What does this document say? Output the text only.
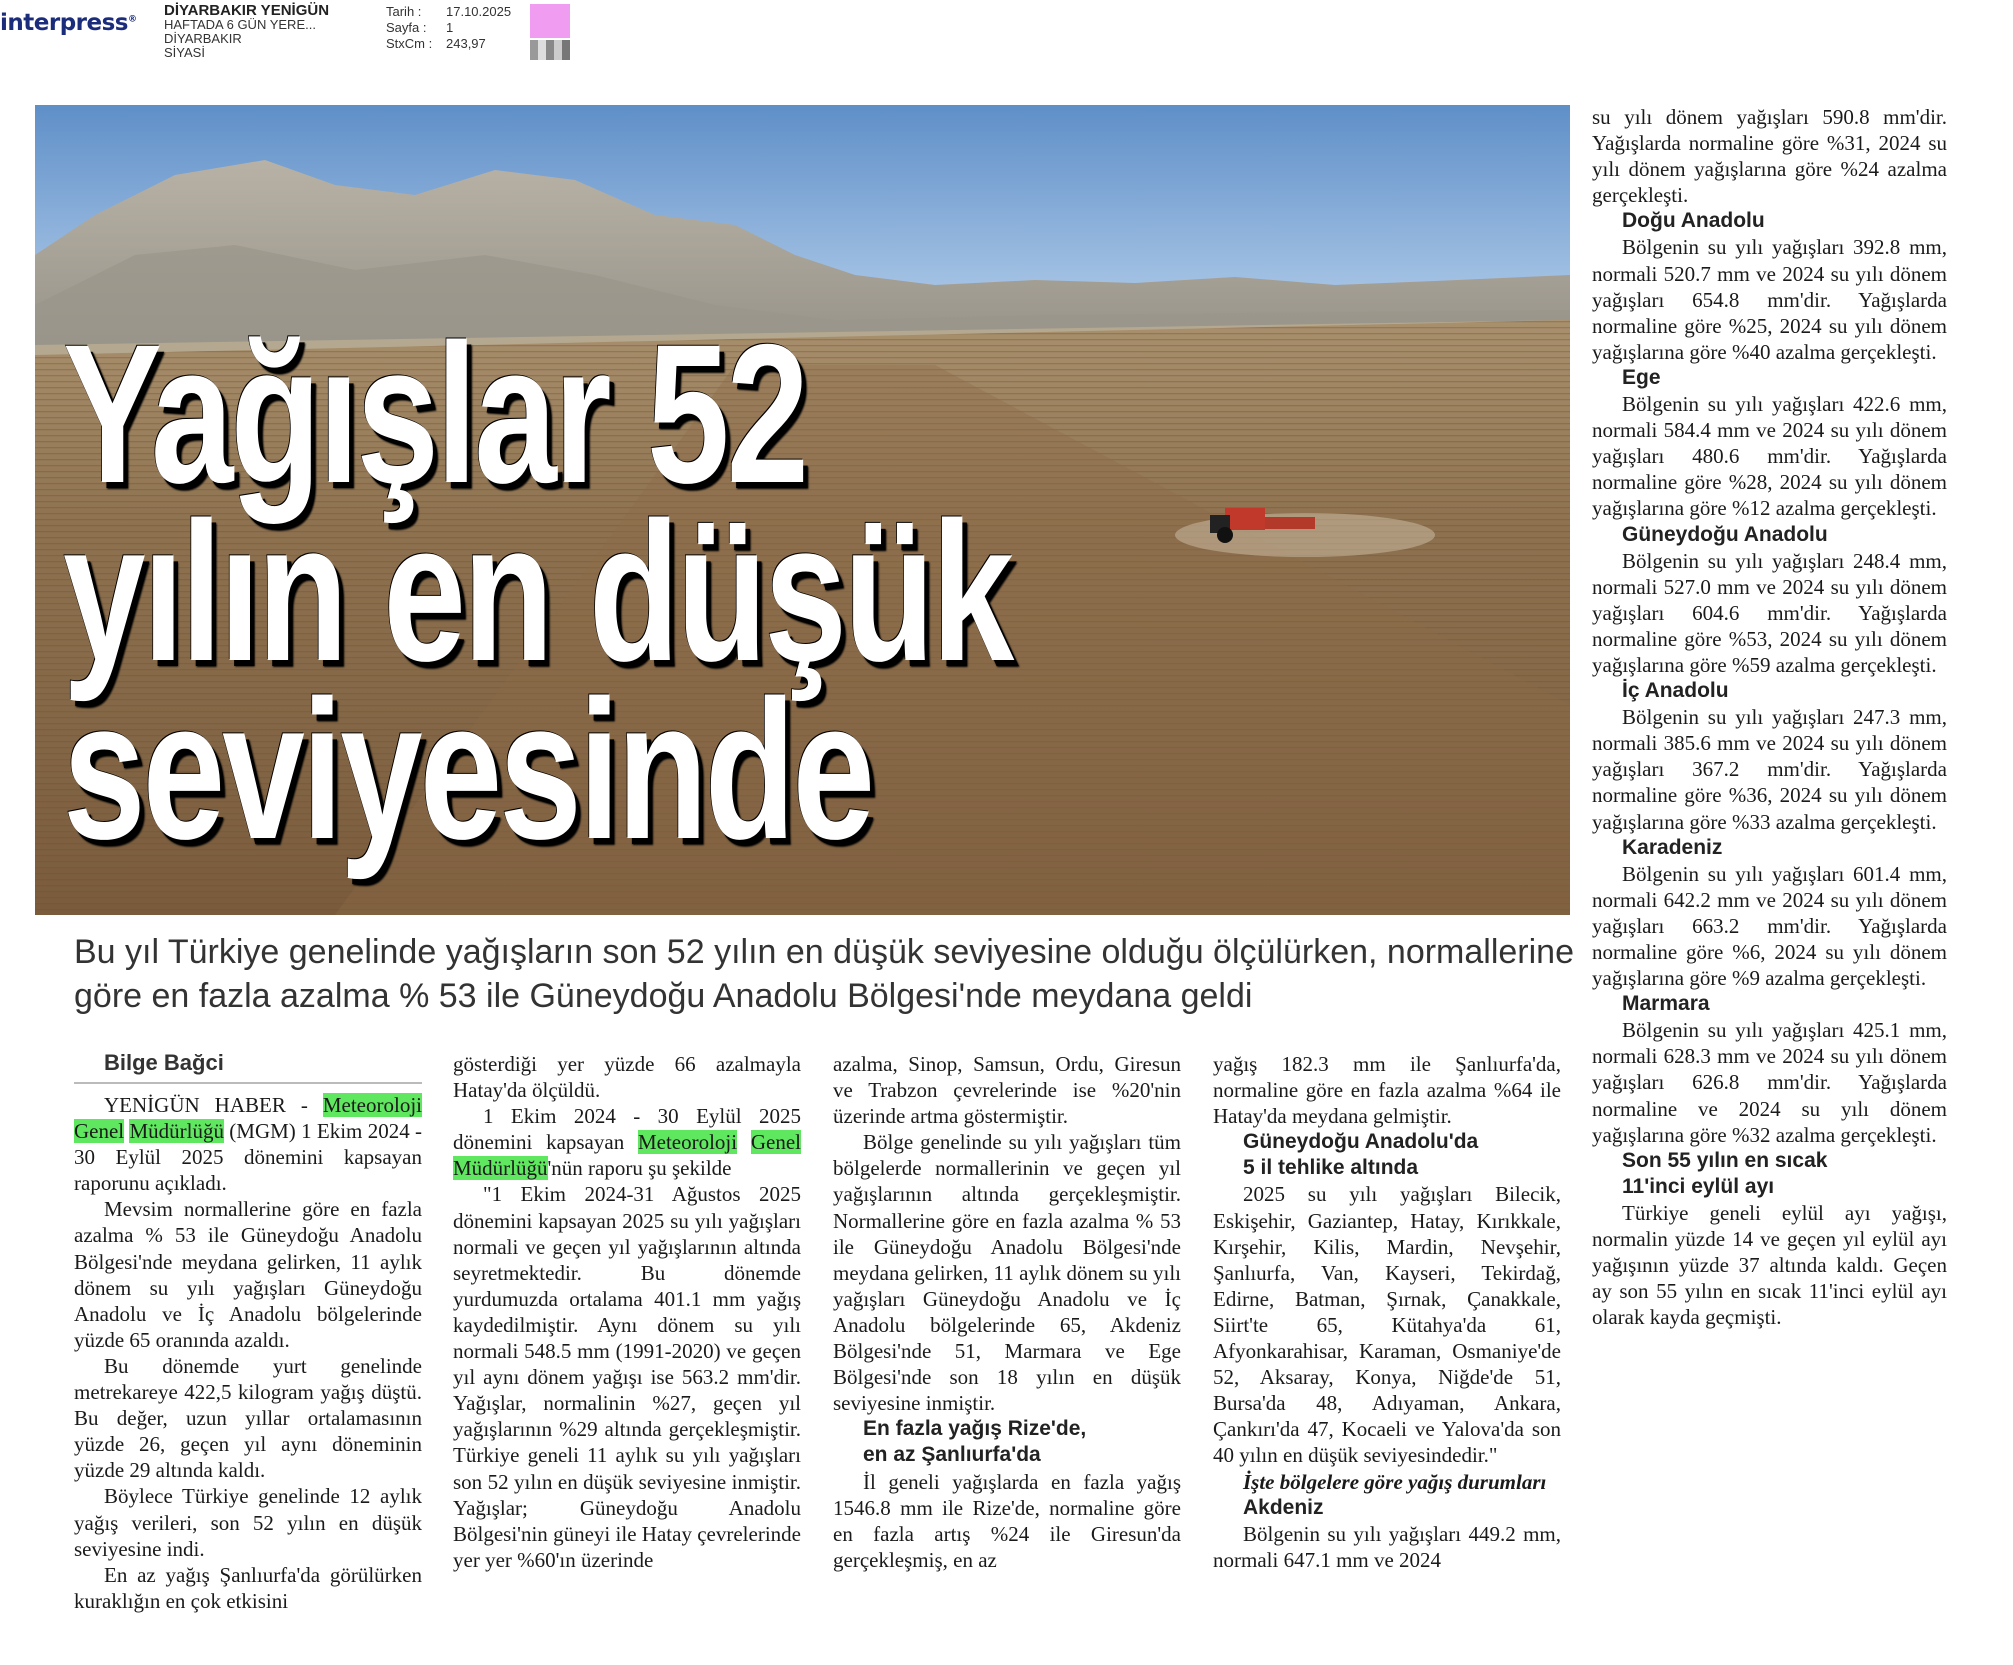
interpress®
DİYARBAKIR YENİGÜN
HAFTADA 6 GÜN YERE...
DİYARBAKIR
SİYASİ
Tarih : 17.10.2025
Sayfa : 1
StxCm : 243,97
Yağışlar 52
yılın en düşük
seviyesinde
Bu yıl Türkiye genelinde yağışların son 52 yılın en düşük seviyesine olduğu ölçülürken, normallerine göre en fazla azalma % 53 ile Güneydoğu Anadolu Bölgesi'nde meydana geldi
Bilge Bağci

YENİGÜN HABER - Meteoroloji Genel Müdürlüğü (MGM) 1 Ekim 2024 - 30 Eylül 2025 dönemini kapsayan raporunu açıkladı.

Mevsim normallerine göre en fazla azalma % 53 ile Güneydoğu Anadolu Bölgesi'nde meydana gelirken, 11 aylık dönem su yılı yağışları Güneydoğu Anadolu ve İç Anadolu bölgelerinde yüzde 65 oranında azaldı.

Bu dönemde yurt genelinde metrekareye 422,5 kilogram yağış düştü. Bu değer, uzun yıllar ortalamasının yüzde 26, geçen yıl aynı döneminin yüzde 29 altında kaldı.

Böylece Türkiye genelinde 12 aylık yağış verileri, son 52 yılın en düşük seviyesine indi.

En az yağış Şanlıurfa'da görülürken kuraklığın en çok etkisini

gösterdiği yer yüzde 66 azalmayla Hatay'da ölçüldü.

1 Ekim 2024 - 30 Eylül 2025 dönemini kapsayan Meteoroloji Genel Müdürlüğü'nün raporu şu şekilde

"1 Ekim 2024-31 Ağustos 2025 dönemini kapsayan 2025 su yılı yağışları normali ve geçen yıl yağışlarının altında seyretmektedir. Bu dönemde yurdumuzda ortalama 401.1 mm yağış kaydedilmiştir. Aynı dönem su yılı normali 548.5 mm (1991-2020) ve geçen yıl aynı dönem yağışı ise 563.2 mm'dir. Yağışlar, normalinin %27, geçen yıl yağışlarının %29 altında gerçekleşmiştir. Türkiye geneli 11 aylık su yılı yağışları son 52 yılın en düşük seviyesine inmiştir. Yağışlar; Güneydoğu Anadolu Bölgesi'nin güneyi ile Hatay çevrelerinde yer yer %60'ın üzerinde

azalma, Sinop, Samsun, Ordu, Giresun ve Trabzon çevrelerinde ise %20'nin üzerinde artma göstermiştir.

Bölge genelinde su yılı yağışları tüm bölgelerde normallerinin ve geçen yıl yağışlarının altında gerçekleşmiştir. Normallerine göre en fazla azalma % 53 ile Güneydoğu Anadolu Bölgesi'nde meydana gelirken, 11 aylık dönem su yılı yağışları Güneydoğu Anadolu ve İç Anadolu bölgelerinde 65, Akdeniz Bölgesi'nde 51, Marmara ve Ege Bölgesi'nde son 18 yılın en düşük seviyesine inmiştir.

En fazla yağış Rize'de,
en az Şanlıurfa'da

İl geneli yağışlarda en fazla yağış 1546.8 mm ile Rize'de, normaline göre en fazla artış %24 ile Giresun'da gerçekleşmiş, en az

yağış 182.3 mm ile Şanlıurfa'da, normaline göre en fazla azalma %64 ile Hatay'da meydana gelmiştir.

Güneydoğu Anadolu'da
5 il tehlike altında

2025 su yılı yağışları Bilecik, Eskişehir, Gaziantep, Hatay, Kırıkkale, Kırşehir, Kilis, Mardin, Nevşehir, Şanlıurfa, Van, Kayseri, Tekirdağ, Edirne, Batman, Şırnak, Çanakkale, Siirt'te 65, Kütahya'da 61, Afyonkarahisar, Karaman, Osmaniye'de 52, Aksaray, Konya, Niğde'de 51, Bursa'da 48, Adıyaman, Ankara, Çankırı'da 47, Kocaeli ve Yalova'da son 40 yılın en düşük seviyesindedir."

İşte bölgelere göre yağış durumları
Akdeniz

Bölgenin su yılı yağışları 449.2 mm, normali 647.1 mm ve 2024

su yılı dönem yağışları 590.8 mm'dir. Yağışlarda normaline göre %31, 2024 su yılı dönem yağışlarına göre %24 azalma gerçekleşti.

Doğu Anadolu

Bölgenin su yılı yağışları 392.8 mm, normali 520.7 mm ve 2024 su yılı dönem yağışları 654.8 mm'dir. Yağışlarda normaline göre %25, 2024 su yılı dönem yağışlarına göre %40 azalma gerçekleşti.

Ege

Bölgenin su yılı yağışları 422.6 mm, normali 584.4 mm ve 2024 su yılı dönem yağışları 480.6 mm'dir. Yağışlarda normaline göre %28, 2024 su yılı dönem yağışlarına göre %12 azalma gerçekleşti.

Güneydoğu Anadolu

Bölgenin su yılı yağışları 248.4 mm, normali 527.0 mm ve 2024 su yılı dönem yağışları 604.6 mm'dir. Yağışlarda normaline göre %53, 2024 su yılı dönem yağışlarına göre %59 azalma gerçekleşti.

İç Anadolu

Bölgenin su yılı yağışları 247.3 mm, normali 385.6 mm ve 2024 su yılı dönem yağışları 367.2 mm'dir. Yağışlarda normaline göre %36, 2024 su yılı dönem yağışlarına göre %33 azalma gerçekleşti.

Karadeniz

Bölgenin su yılı yağışları 601.4 mm, normali 642.2 mm ve 2024 su yılı dönem yağışları 663.2 mm'dir. Yağışlarda normaline göre %6, 2024 su yılı dönem yağışlarına göre %9 azalma gerçekleşti.

Marmara

Bölgenin su yılı yağışları 425.1 mm, normali 628.3 mm ve 2024 su yılı dönem yağışları 626.8 mm'dir. Yağışlarda normaline ve 2024 su yılı dönem yağışlarına göre %32 azalma gerçekleşti.

Son 55 yılın en sıcak
11'inci eylül ayı

Türkiye geneli eylül ayı yağışı, normalin yüzde 14 ve geçen yıl eylül ayı yağışının yüzde 37 altında kaldı. Geçen ay son 55 yılın en sıcak 11'inci eylül ayı olarak kayda geçmişti.
